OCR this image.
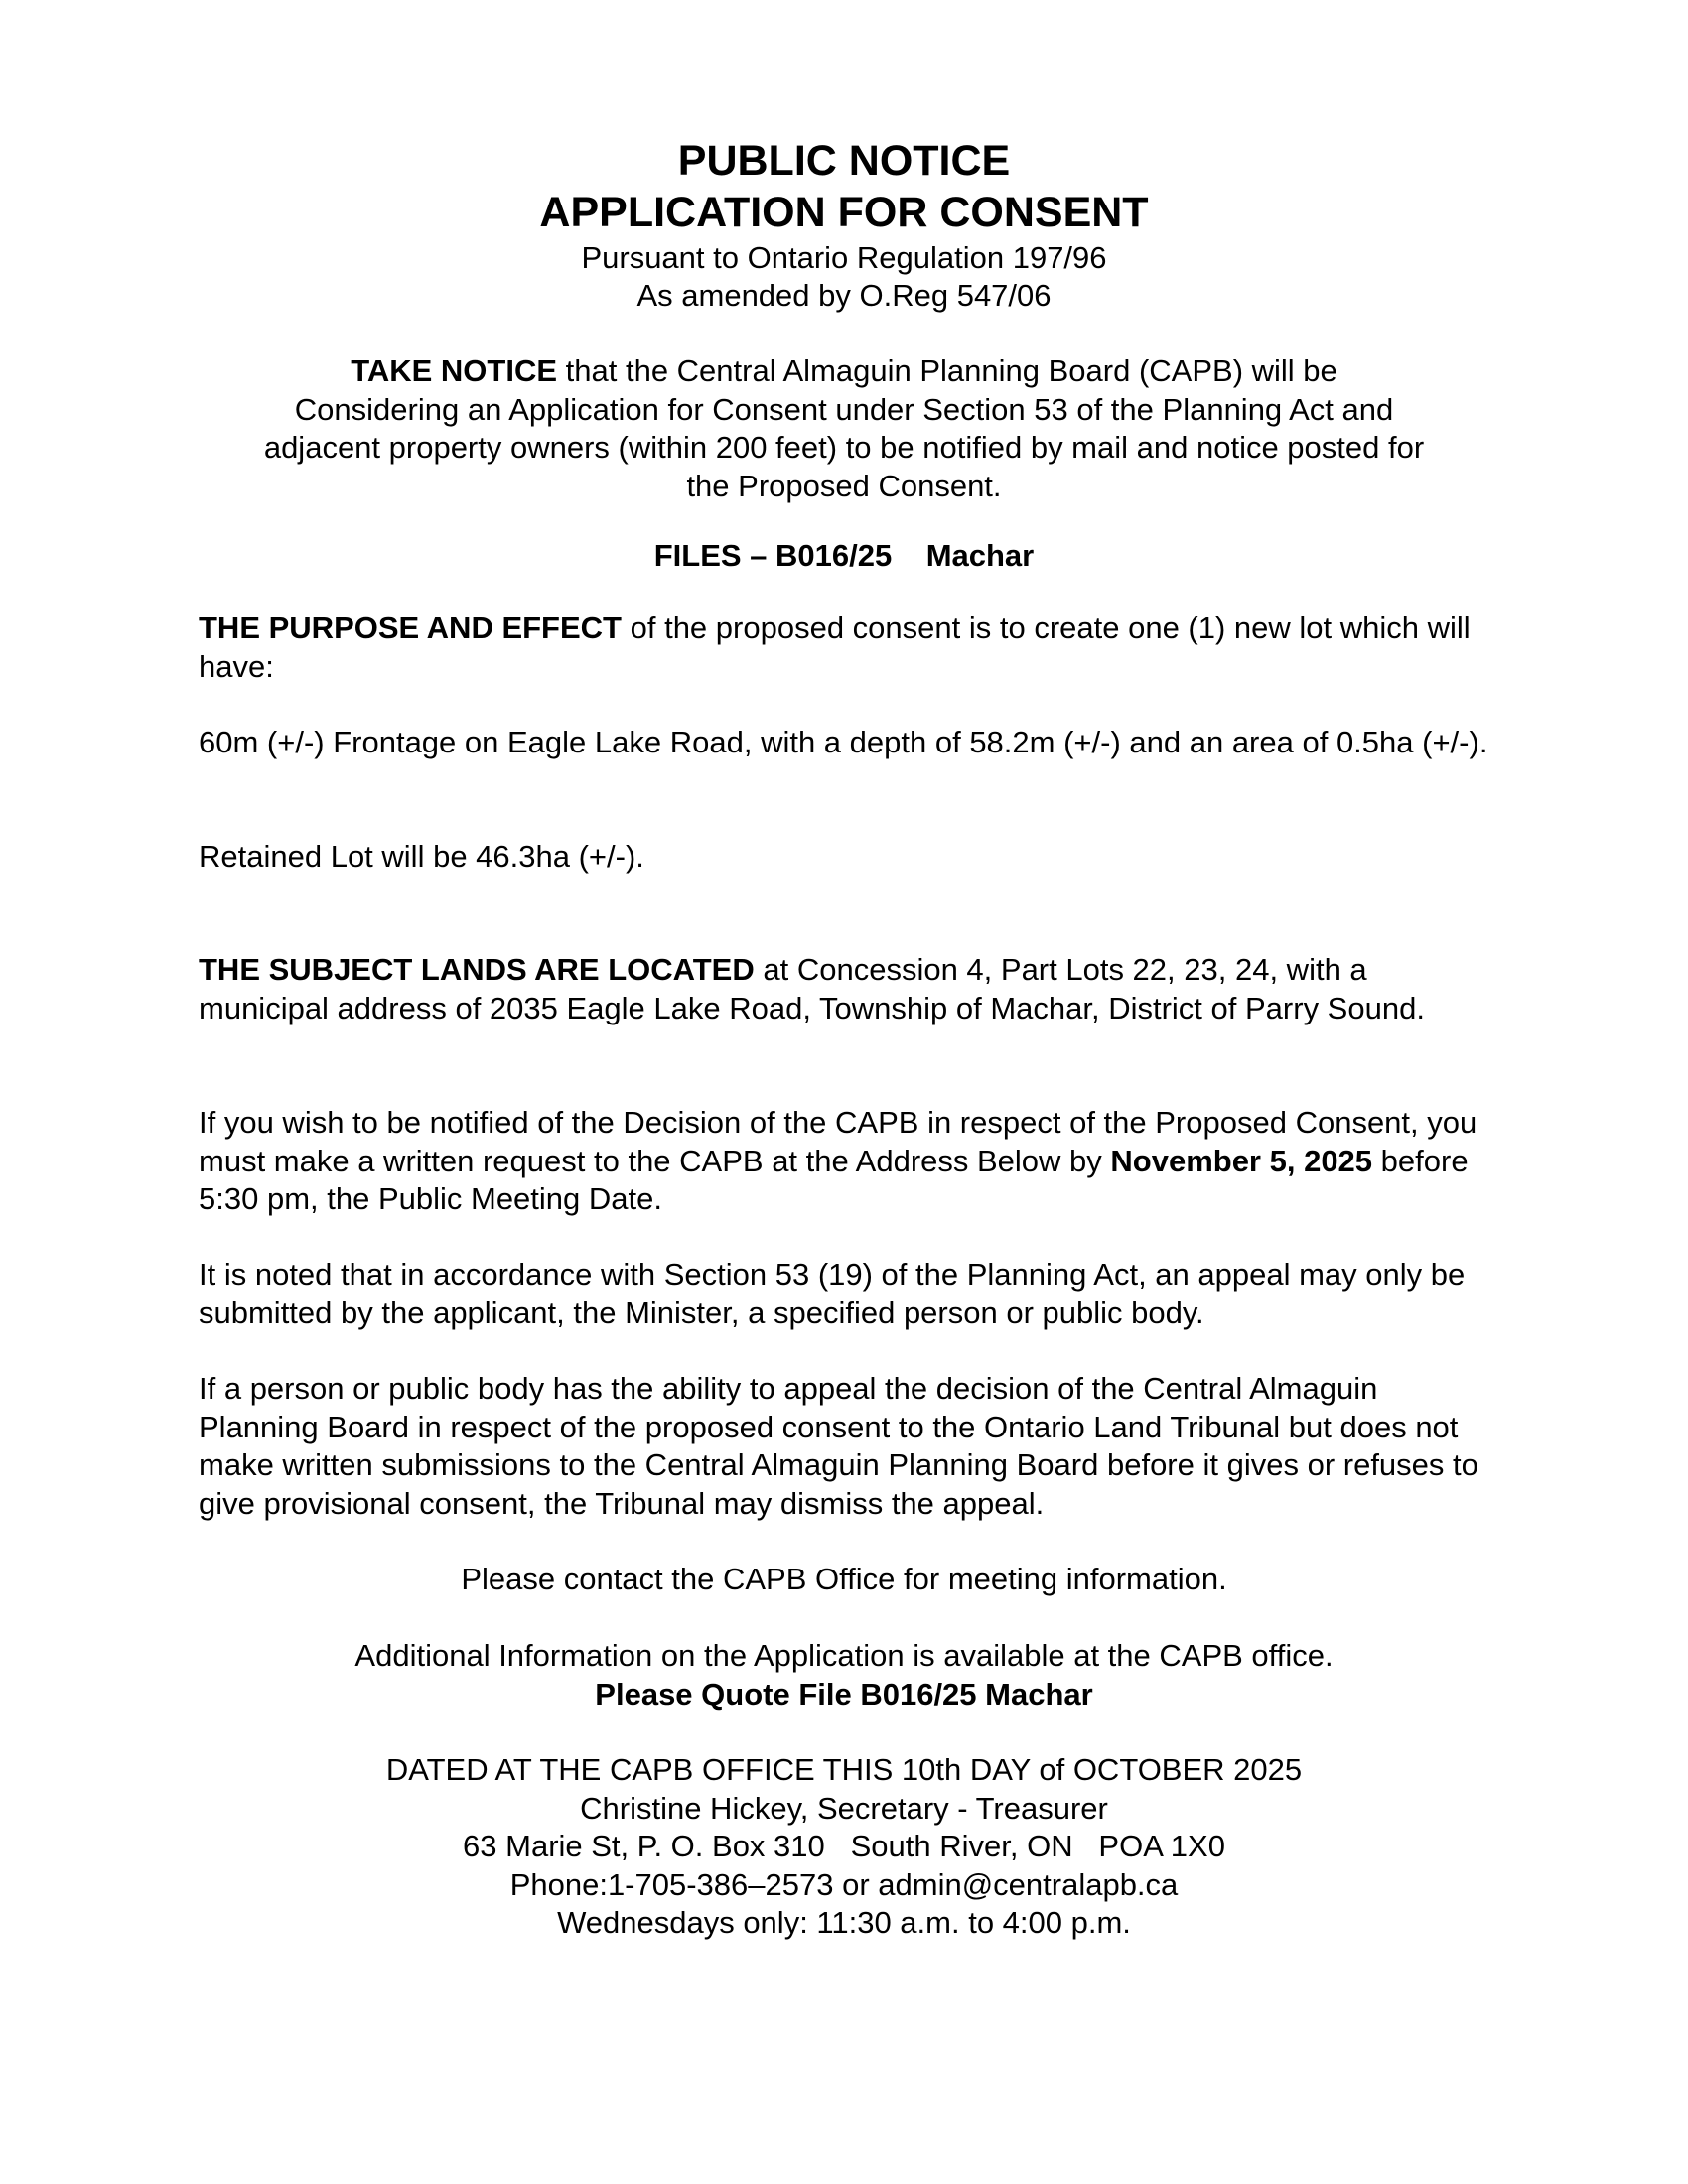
PUBLIC NOTICE
APPLICATION FOR CONSENT
Pursuant to Ontario Regulation 197/96
As amended by O.Reg 547/06
TAKE NOTICE that the Central Almaguin Planning Board (CAPB) will be
Considering an Application for Consent under Section 53 of the Planning Act and
adjacent property owners (within 200 feet) to be notified by mail and notice posted for
the Proposed Consent.
FILES – B016/25    Machar
THE PURPOSE AND EFFECT of the proposed consent is to create one (1) new lot which will have:
60m (+/-) Frontage on Eagle Lake Road, with a depth of 58.2m (+/-) and an area of 0.5ha (+/-).
Retained Lot will be 46.3ha (+/-).
THE SUBJECT LANDS ARE LOCATED at Concession 4, Part Lots 22, 23, 24, with a municipal address of 2035 Eagle Lake Road, Township of Machar, District of Parry Sound.
If you wish to be notified of the Decision of the CAPB in respect of the Proposed Consent, you must make a written request to the CAPB at the Address Below by November 5, 2025 before 5:30 pm, the Public Meeting Date.
It is noted that in accordance with Section 53 (19) of the Planning Act, an appeal may only be submitted by the applicant, the Minister, a specified person or public body.
If a person or public body has the ability to appeal the decision of the Central Almaguin Planning Board in respect of the proposed consent to the Ontario Land Tribunal but does not make written submissions to the Central Almaguin Planning Board before it gives or refuses to give provisional consent, the Tribunal may dismiss the appeal.
Please contact the CAPB Office for meeting information.
Additional Information on the Application is available at the CAPB office.
Please Quote File B016/25 Machar
DATED AT THE CAPB OFFICE THIS 10th DAY of OCTOBER 2025
Christine Hickey, Secretary - Treasurer
63 Marie St, P. O. Box 310   South River, ON   POA 1X0
Phone:1-705-386–2573 or admin@centralapb.ca
Wednesdays only: 11:30 a.m. to 4:00 p.m.
